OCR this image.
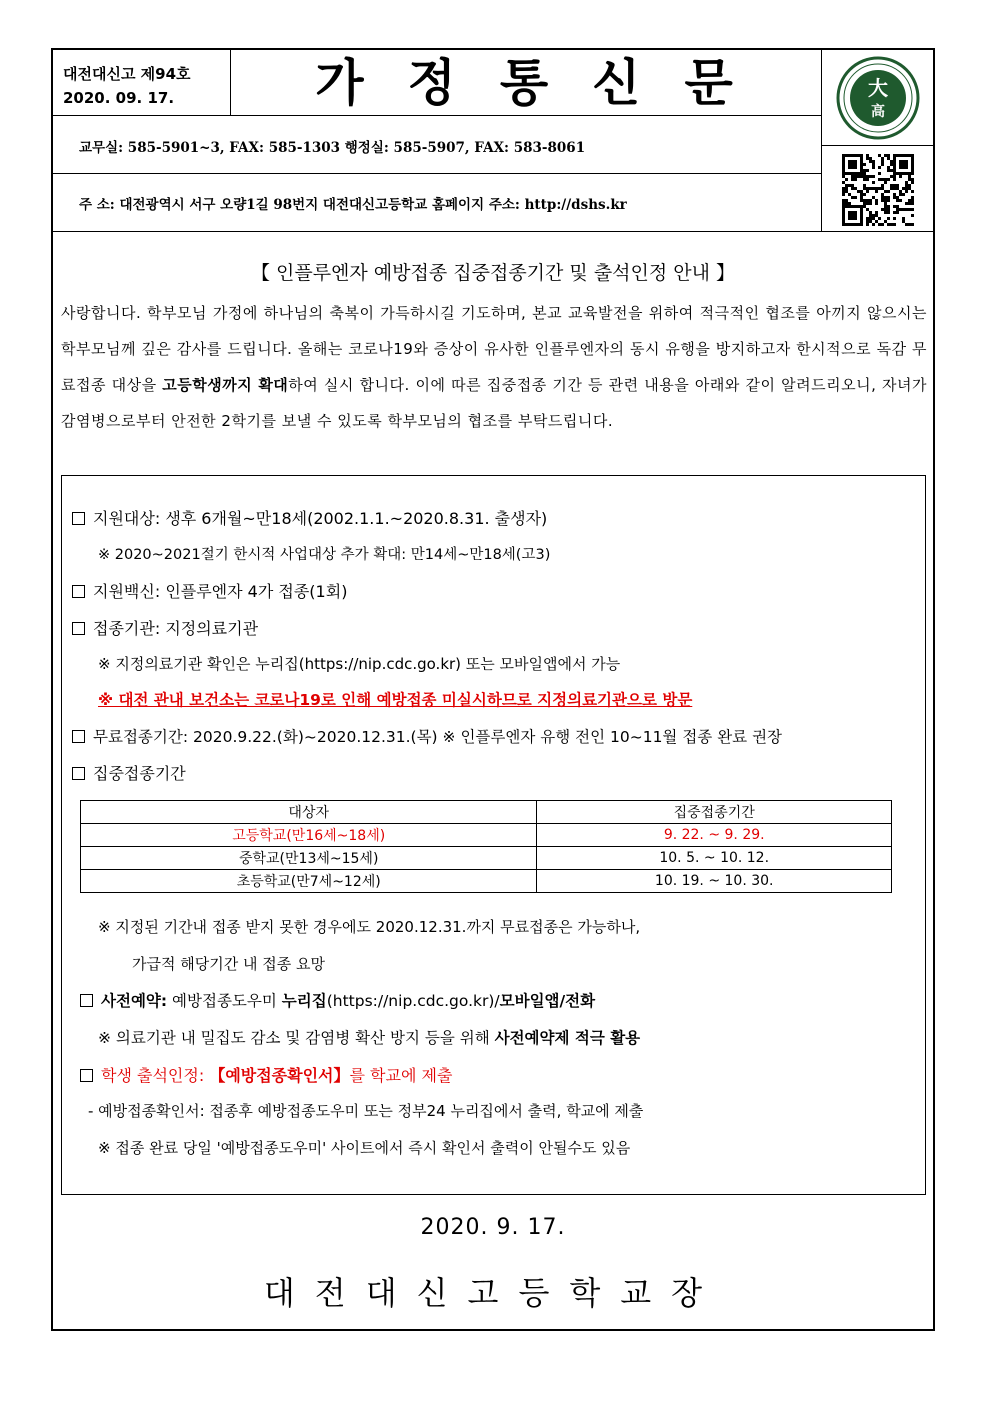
대전대신고 제94호
2020. 09. 17.	가정통신문	大
高
교무실: 585-5901~3, FAX: 585-1303 행정실: 585-5907, FAX: 583-8061
주 소: 대전광역시 서구 오량1길 98번지 대전대신고등학교 홈페이지 주소: http://dshs.kr
【 인플루엔자 예방접종 집중접종기간 및 출석인정 안내 】
사랑합니다. 학부모님 가정에 하나님의 축복이 가득하시길 기도하며, 본교 교육발전을 위하여 적극적인 협조를 아끼지 않으시는 학부모님께 깊은 감사를 드립니다. 올해는 코로나19와 증상이 유사한 인플루엔자의 동시 유행을 방지하고자 한시적으로 독감 무료접종 대상을 고등학생까지 확대하여 실시 합니다. 이에 따른 집중접종 기간 등 관련 내용을 아래와 같이 알려드리오니, 자녀가 감염병으로부터 안전한 2학기를 보낼 수 있도록 학부모님의 협조를 부탁드립니다.
지원대상: 생후 6개월~만18세(2002.1.1.~2020.8.31. 출생자)
※ 2020~2021절기 한시적 사업대상 추가 확대: 만14세~만18세(고3)
지원백신: 인플루엔자 4가 접종(1회)
접종기관: 지정의료기관
※ 지정의료기관 확인은 누리집(https://nip.cdc.go.kr) 또는 모바일앱에서 가능
※ 대전 관내 보건소는 코로나19로 인해 예방접종 미실시하므로 지정의료기관으로 방문
무료접종기간: 2020.9.22.(화)~2020.12.31.(목) ※ 인플루엔자 유행 전인 10~11월 접종 완료 권장
집중접종기간
대상자	집중접종기간
고등학교(만16세~18세)	9. 22. ~ 9. 29.
중학교(만13세~15세)	10. 5. ~ 10. 12.
초등학교(만7세~12세)	10. 19. ~ 10. 30.
※ 지정된 기간내 접종 받지 못한 경우에도 2020.12.31.까지 무료접종은 가능하나,
가급적 해당기간 내 접종 요망
사전예약: 예방접종도우미 누리집(https://nip.cdc.go.kr)/모바일앱/전화
※ 의료기관 내 밀집도 감소 및 감염병 확산 방지 등을 위해 사전예약제 적극 활용
학생 출석인정: 【예방접종확인서】를 학교에 제출
- 예방접종확인서: 접종후 예방접종도우미 또는 정부24 누리집에서 출력, 학교에 제출
※ 접종 완료 당일 '예방접종도우미' 사이트에서 즉시 확인서 출력이 안될수도 있음
2020. 9. 17.
대전대신고등학교장
